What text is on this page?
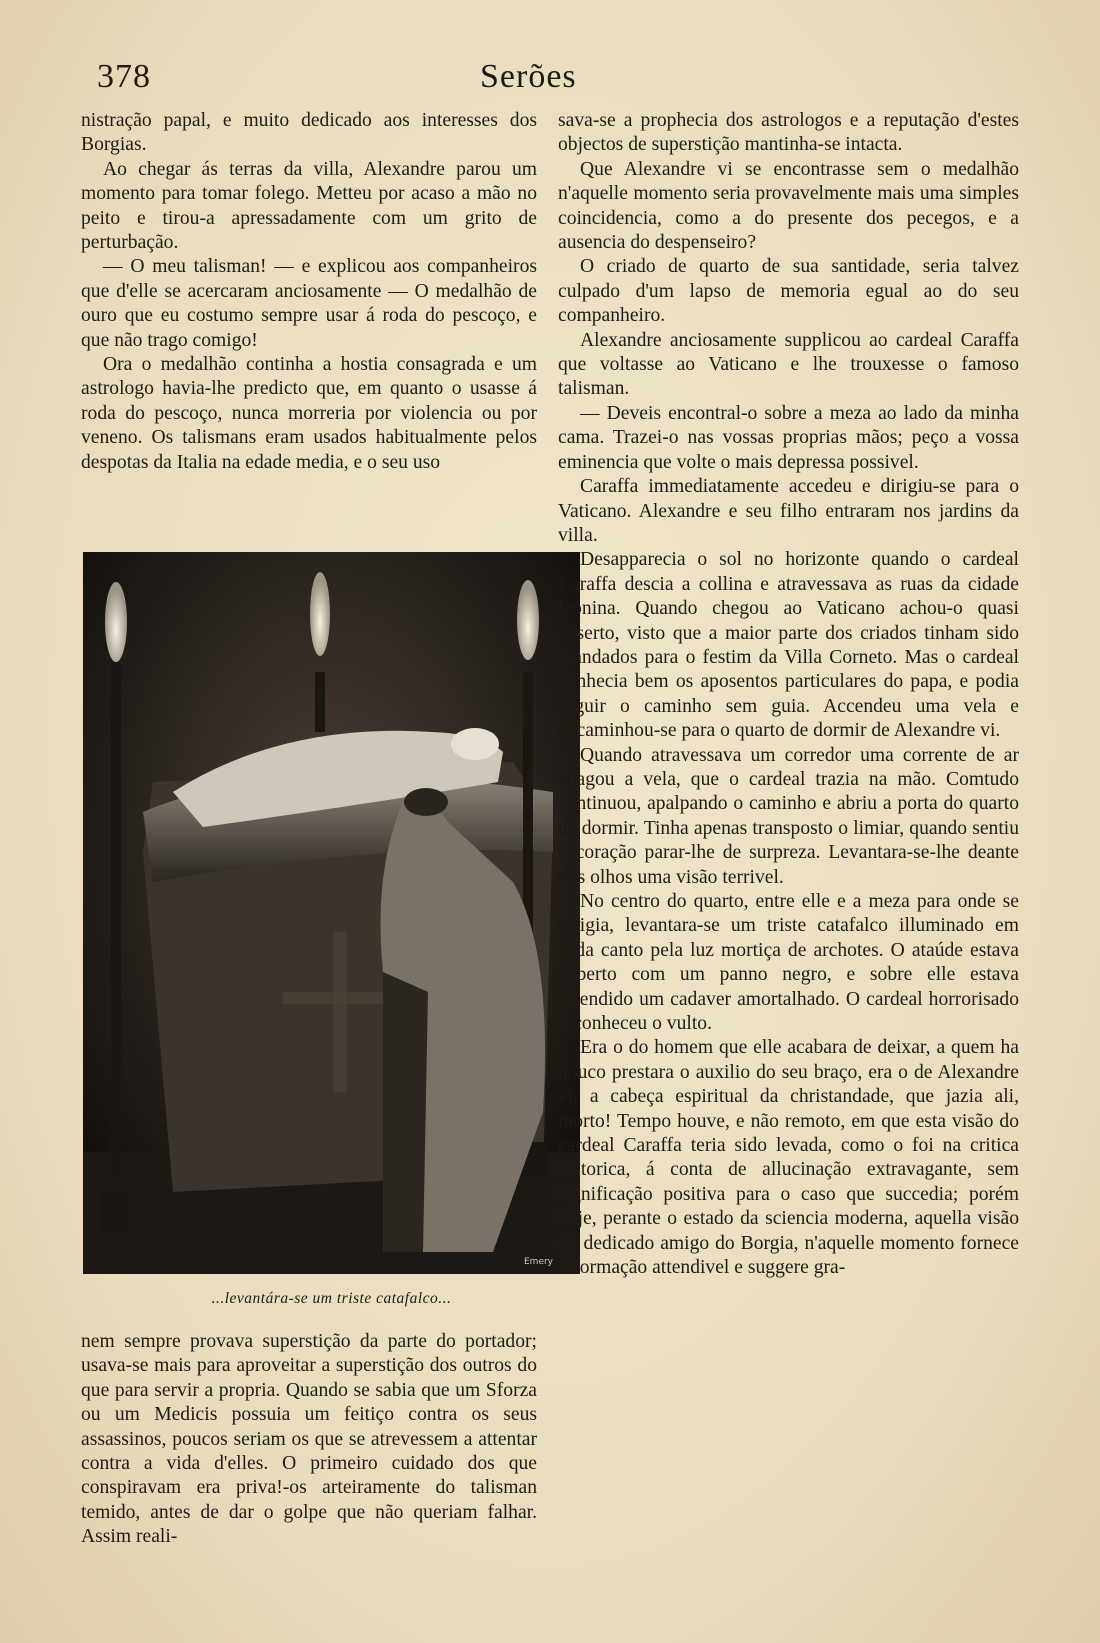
378	Serões

nistração papal, e muito dedicado aos interesses dos Borgias.

Ao chegar ás terras da villa, Alexandre parou um momento para tomar folego. Metteu por acaso a mão no peito e tirou-a apressadamente com um grito de perturbação.

— O meu talisman! — e explicou aos companheiros que d'elle se acercaram anciosamente — O medalhão de ouro que eu costumo sempre usar á roda do pescoço, e que não trago comigo!

Ora o medalhão continha a hostia consagrada e um astrologo havia-lhe predicto que, em quanto o usasse á roda do pescoço, nunca morreria por violencia ou por veneno. Os talismans eram usados habitualmente pelos despotas da Italia na edade media, e o seu uso

Emery
...levantára-se um triste catafalco...

nem sempre provava superstição da parte do portador; usava-se mais para aproveitar a superstição dos outros do que para servir a propria. Quando se sabia que um Sforza ou um Medicis possuia um feitiço contra os seus assassinos, poucos seriam os que se atrevessem a attentar contra a vida d'elles. O primeiro cuidado dos que conspiravam era priva!-os arteiramente do talisman temido, antes de dar o golpe que não queriam falhar. Assim reali-

sava-se a prophecia dos astrologos e a reputação d'estes objectos de superstição mantinha-se intacta.

Que Alexandre vi se encontrasse sem o medalhão n'aquelle momento seria provavelmente mais uma simples coincidencia, como a do presente dos pecegos, e a ausencia do despenseiro?

O criado de quarto de sua santidade, seria talvez culpado d'um lapso de memoria egual ao do seu companheiro.

Alexandre anciosamente supplicou ao cardeal Caraffa que voltasse ao Vaticano e lhe trouxesse o famoso talisman.

— Deveis encontral-o sobre a meza ao lado da minha cama. Trazei-o nas vossas proprias mãos; peço a vossa eminencia que volte o mais depressa possivel.

Caraffa immediatamente accedeu e dirigiu-se para o Vaticano. Alexandre e seu filho entraram nos jardins da villa.

Desapparecia o sol no horizonte quando o cardeal Caraffa descia a collina e atravessava as ruas da cidade leonina. Quando chegou ao Vaticano achou-o quasi deserto, visto que a maior parte dos criados tinham sido mandados para o festim da Villa Corneto. Mas o cardeal conhecia bem os aposentos particulares do papa, e podia seguir o caminho sem guia. Accendeu uma vela e encaminhou-se para o quarto de dormir de Alexandre vi.

Quando atravessava um corredor uma corrente de ar apagou a vela, que o cardeal trazia na mão. Comtudo continuou, apalpando o caminho e abriu a porta do quarto de dormir. Tinha apenas transposto o limiar, quando sentiu o coração parar-lhe de surpreza. Levantara-se-lhe deante dos olhos uma visão terrivel.

No centro do quarto, entre elle e a meza para onde se dirigia, levantara-se um triste catafalco illuminado em cada canto pela luz mortiça de archotes. O ataúde estava coberto com um panno negro, e sobre elle estava estendido um cadaver amortalhado. O cardeal horrorisado reconheceu o vulto.

Era o do homem que elle acabara de deixar, a quem ha pouco prestara o auxilio do seu braço, era o de Alexandre vi, a cabeça espiritual da christandade, que jazia ali, morto! Tempo houve, e não remoto, em que esta visão do cardeal Caraffa teria sido levada, como o foi na critica historica, á conta de allucinação extravagante, sem significação positiva para o caso que succedia; porém hoje, perante o estado da sciencia moderna, aquella visão do dedicado amigo do Borgia, n'aquelle momento fornece informação attendivel e suggere gra-
